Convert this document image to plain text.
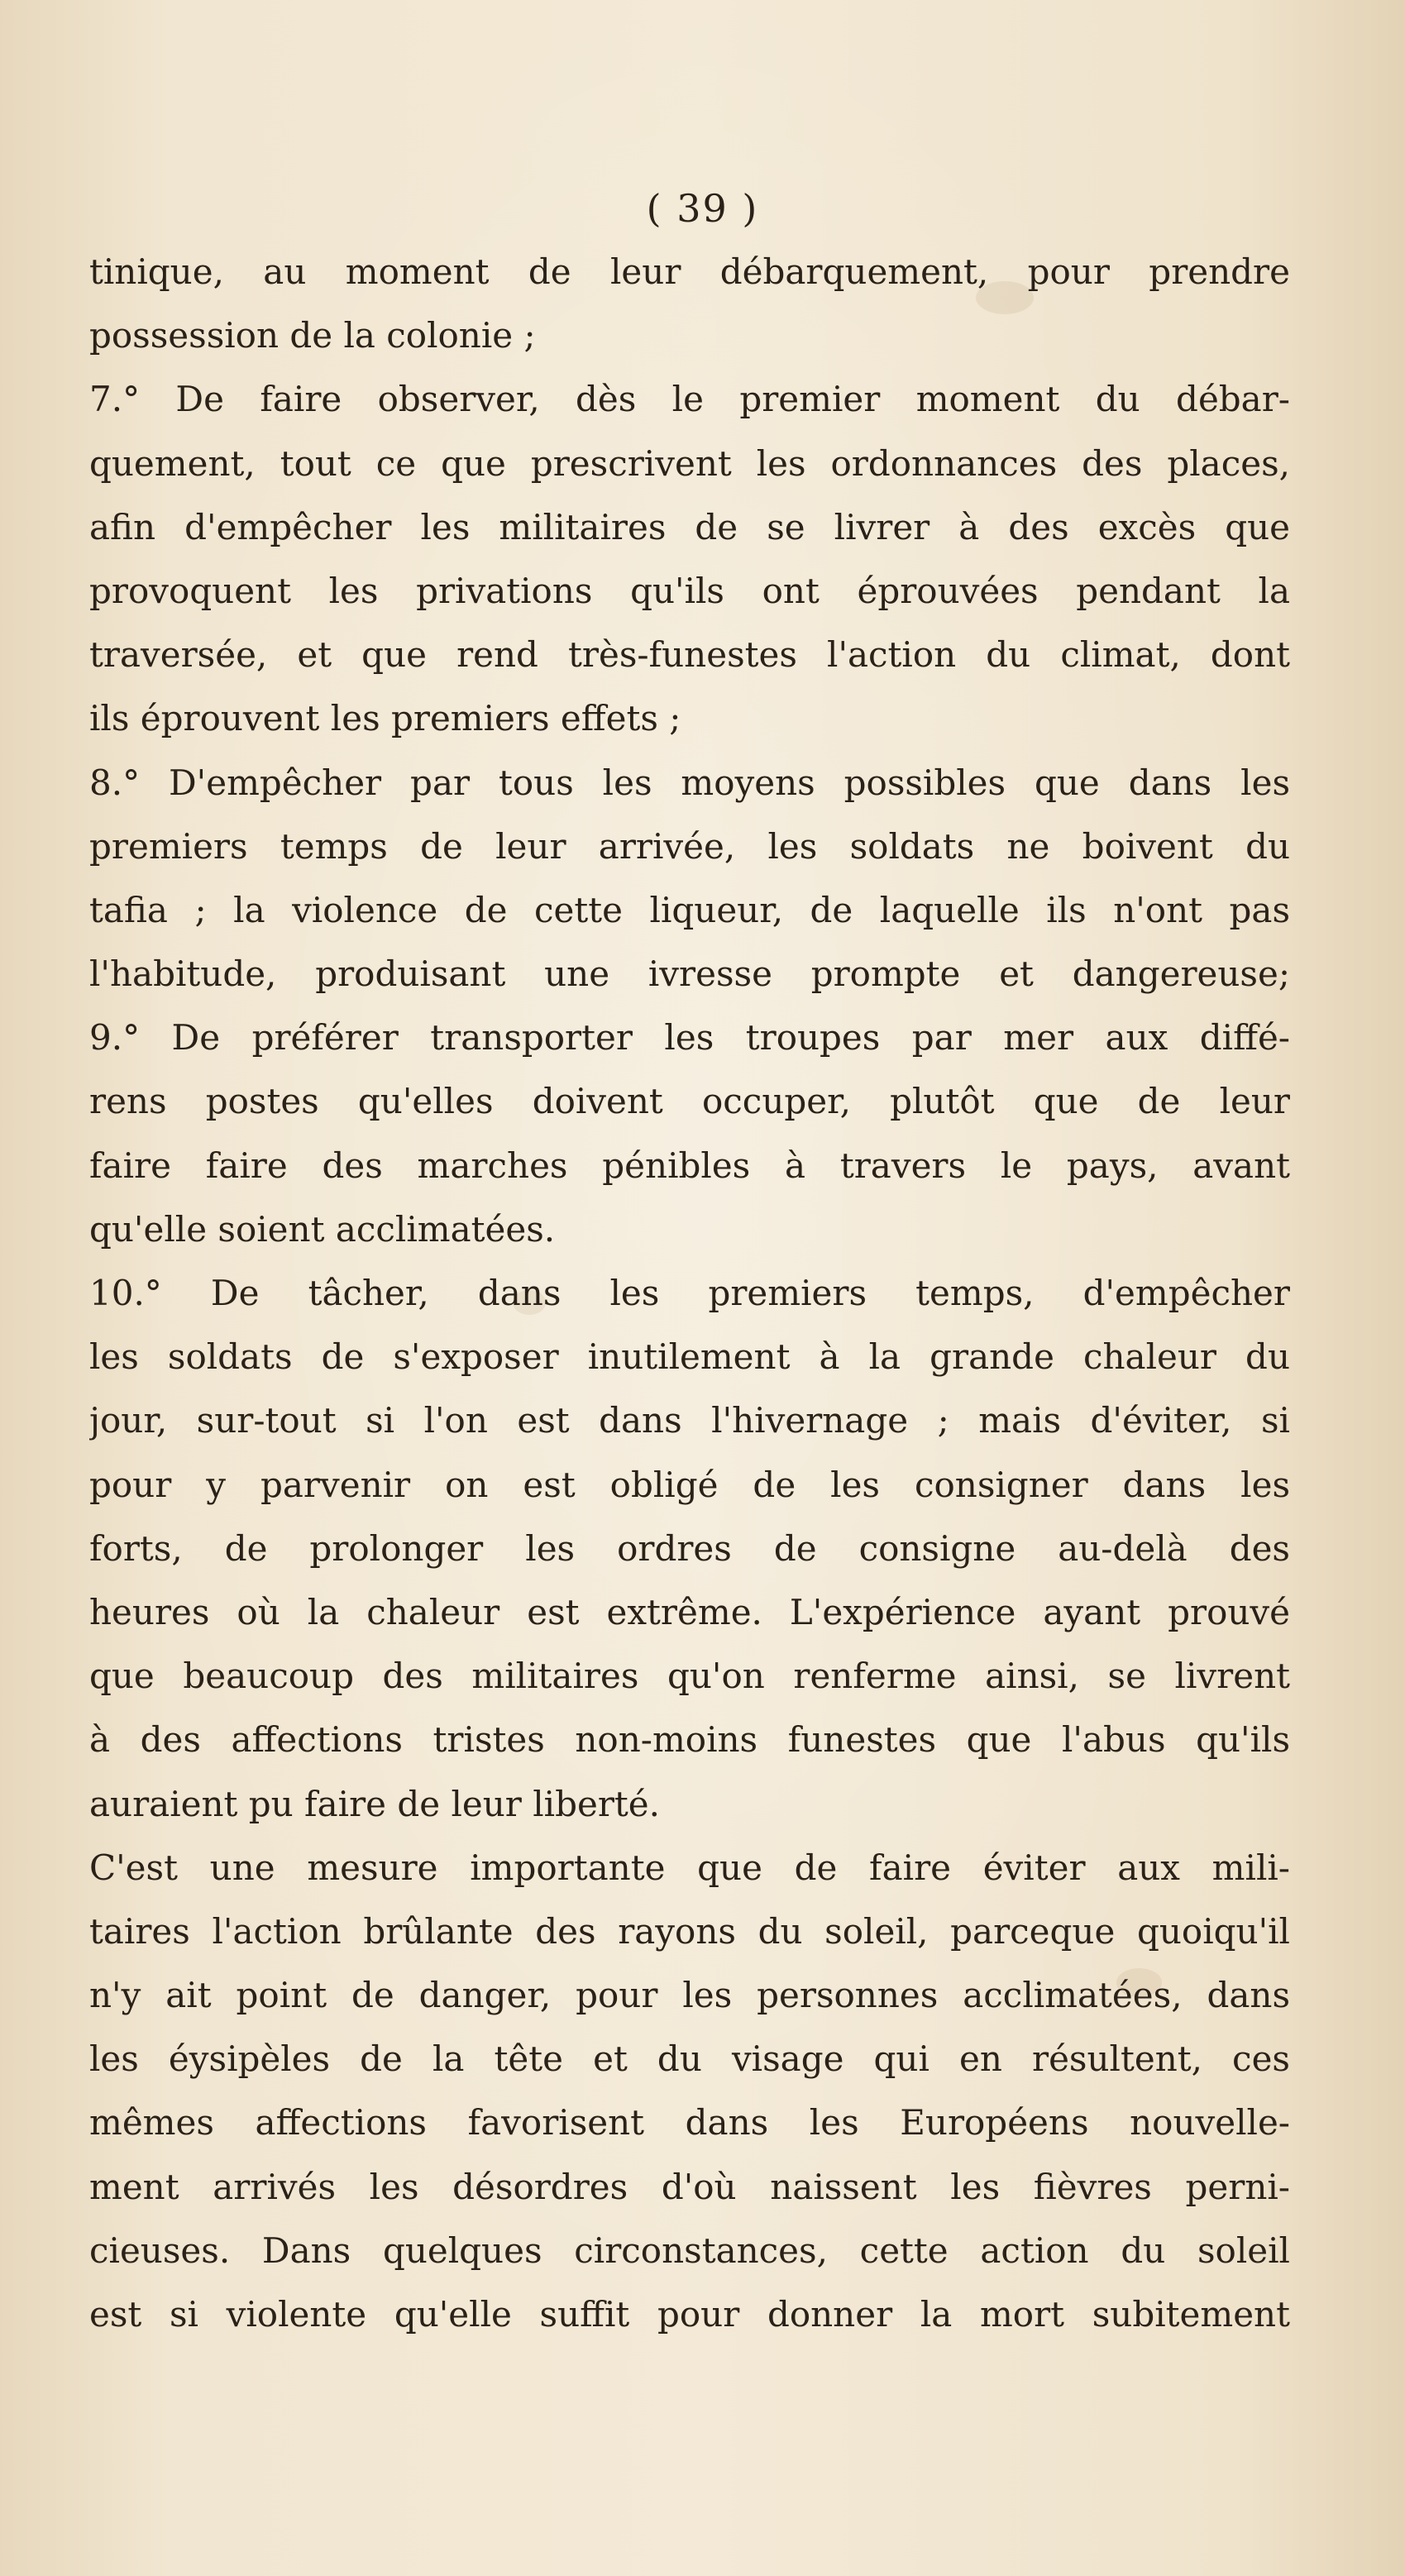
( 39 )
tinique, au moment de leur débarquement, pour prendre
possession de la colonie ;
7.° De faire observer, dès le premier moment du débar-
quement, tout ce que prescrivent les ordonnances des places,
afin d'empêcher les militaires de se livrer à des excès que
provoquent les privations qu'ils ont éprouvées pendant la
traversée, et que rend très-funestes l'action du climat, dont
ils éprouvent les premiers effets ;
8.° D'empêcher par tous les moyens possibles que dans les
premiers temps de leur arrivée, les soldats ne boivent du
tafia ; la violence de cette liqueur, de laquelle ils n'ont pas
l'habitude, produisant une ivresse prompte et dangereuse;
9.° De préférer transporter les troupes par mer aux diffé-
rens postes qu'elles doivent occuper, plutôt que de leur
faire faire des marches pénibles à travers le pays, avant
qu'elle soient acclimatées.
10.° De tâcher, dans les premiers temps, d'empêcher
les soldats de s'exposer inutilement à la grande chaleur du
jour, sur-tout si l'on est dans l'hivernage ; mais d'éviter, si
pour y parvenir on est obligé de les consigner dans les
forts, de prolonger les ordres de consigne au-delà des
heures où la chaleur est extrême. L'expérience ayant prouvé
que beaucoup des militaires qu'on renferme ainsi, se livrent
à des affections tristes non-moins funestes que l'abus qu'ils
auraient pu faire de leur liberté.
C'est une mesure importante que de faire éviter aux mili-
taires l'action brûlante des rayons du soleil, parceque quoiqu'il
n'y ait point de danger, pour les personnes acclimatées, dans
les éysipèles de la tête et du visage qui en résultent, ces
mêmes affections favorisent dans les Européens nouvelle-
ment arrivés les désordres d'où naissent les fièvres perni-
cieuses. Dans quelques circonstances, cette action du soleil
est si violente qu'elle suffit pour donner la mort subitement
